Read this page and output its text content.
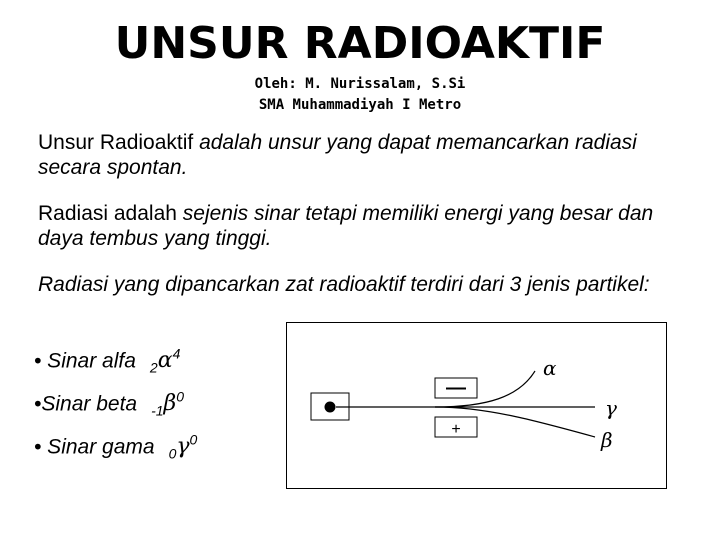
UNSUR RADIOAKTIF
Oleh: M. Nurissalam, S.Si
SMA Muhammadiyah I Metro
Unsur Radioaktif adalah unsur yang dapat memancarkan radiasi secara spontan.
Radiasi adalah sejenis sinar tetapi memiliki energi yang besar dan daya tembus yang tinggi.
Radiasi yang dipancarkan zat radioaktif terdiri dari 3 jenis partikel:
• Sinar alfa $_2\alpha^4$
•Sinar beta $_{-1}\beta^0$
• Sinar gama $_0\gamma^0$
—
+
α
γ
β
